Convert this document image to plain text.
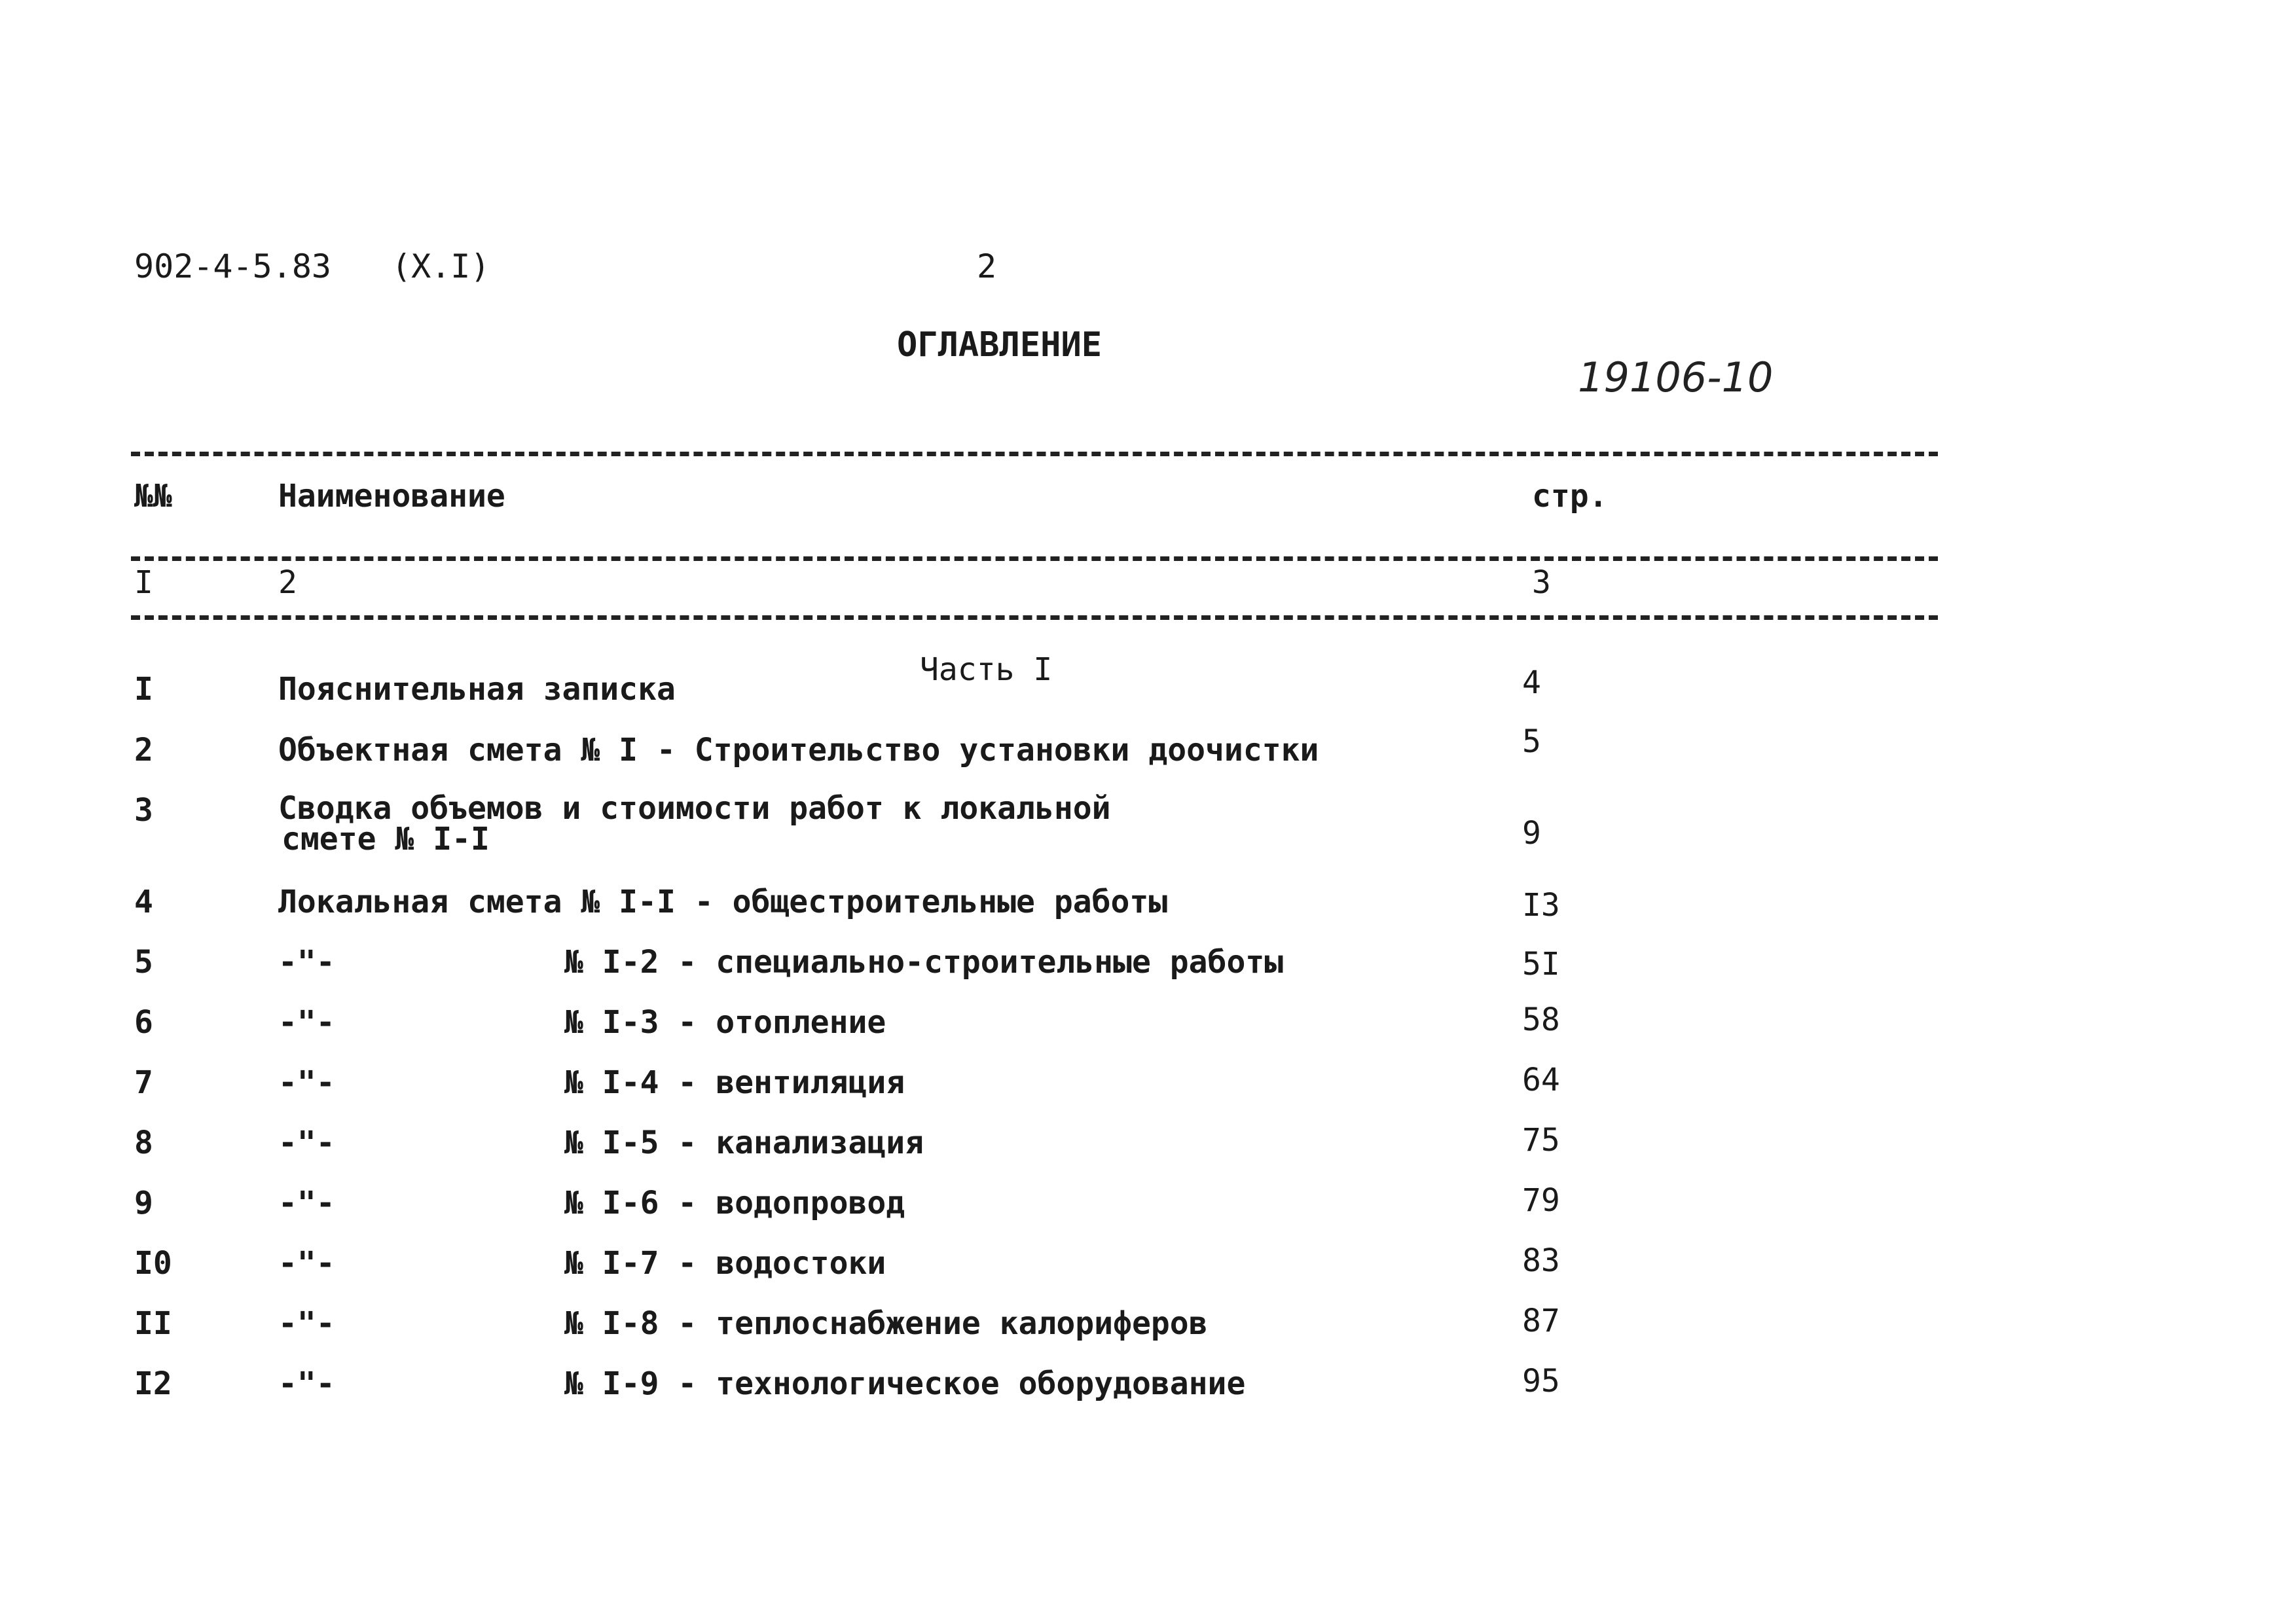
902-4-5.83 (Х.I)	2
ОГЛАВЛЕНИЕ
19106-10
№№	Наименование	стр.
I	2	3
Часть I
I	Пояснительная записка	4
2	Объектная смета № I - Строительство установки доочистки	5
3	Сводка объемов и стоимости работ к локальной
смете № I-I	9
4	Локальная смета № I-I - общестроительные работы	I3
5	-"-	№ I-2 - специально-строительные работы	5I
6	-"-	№ I-3 - отопление	58
7	-"-	№ I-4 - вентиляция	64
8	-"-	№ I-5 - канализация	75
9	-"-	№ I-6 - водопровод	79
I0	-"-	№ I-7 - водостоки	83
II	-"-	№ I-8 - теплоснабжение калориферов	87
I2	-"-	№ I-9 - технологическое оборудование	95
